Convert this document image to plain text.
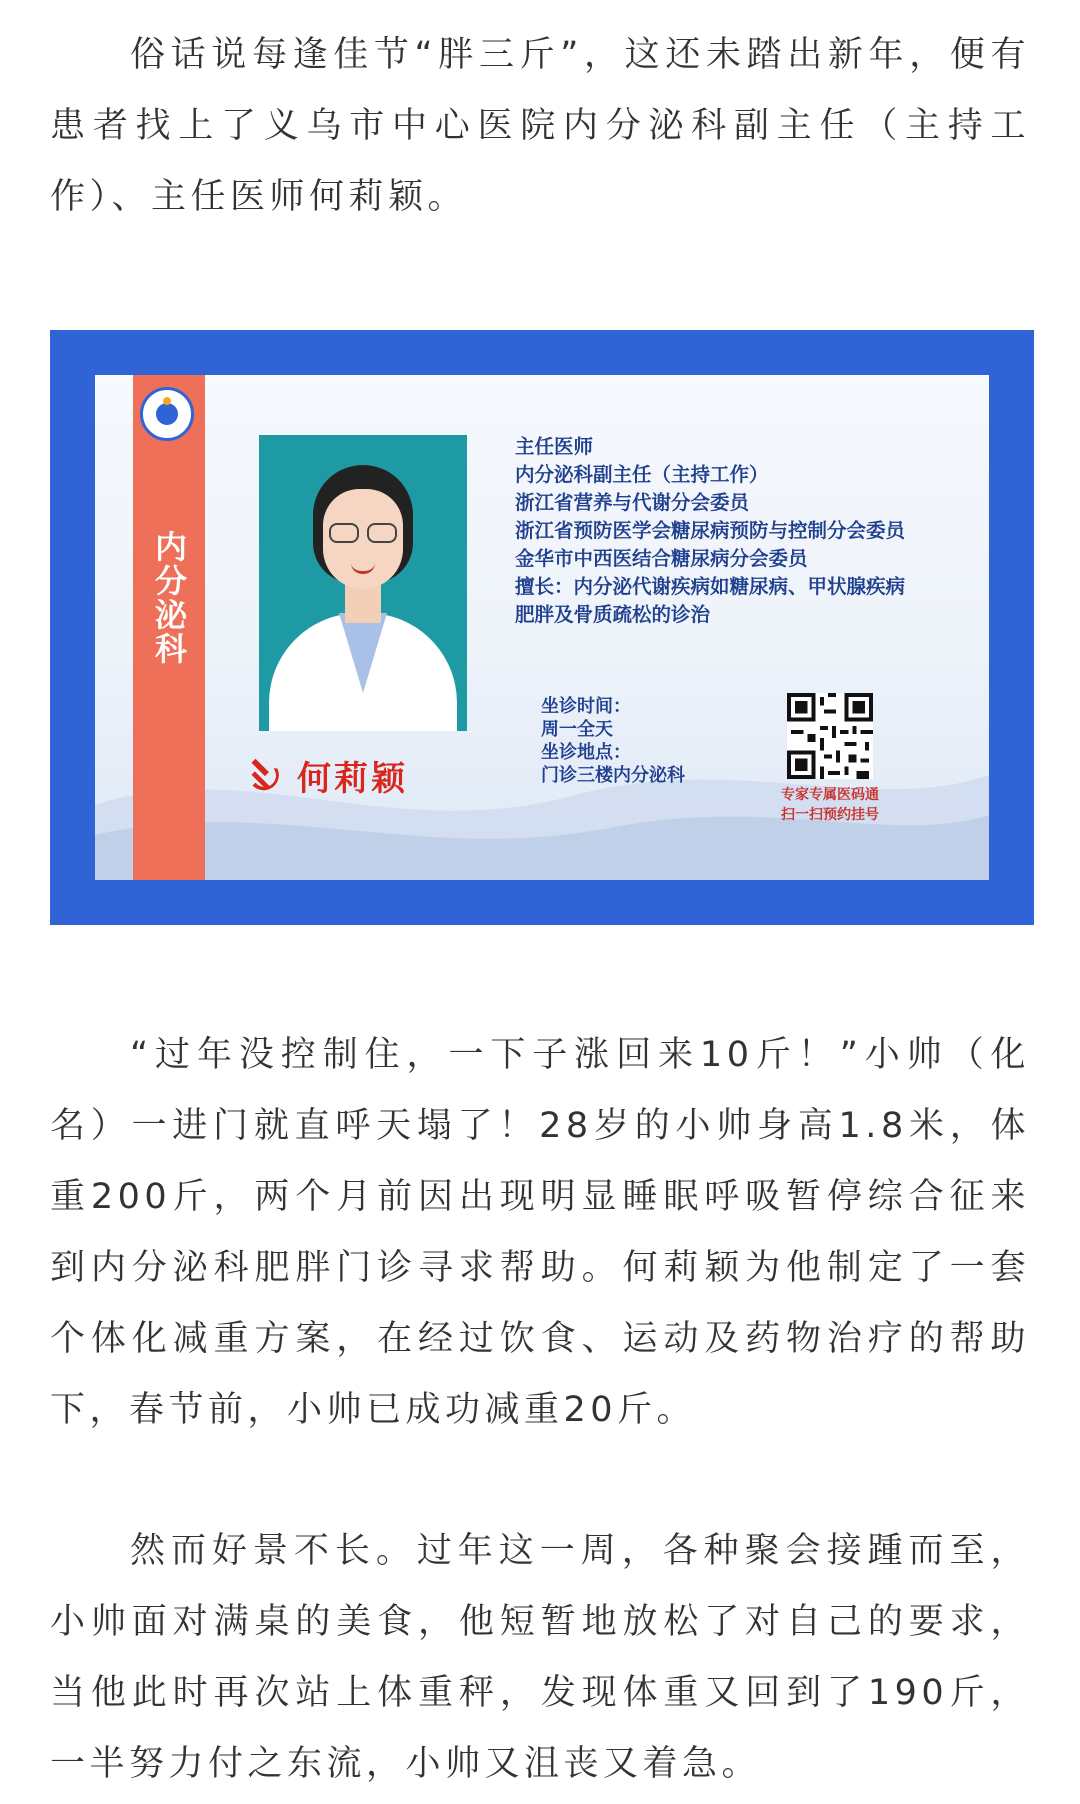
俗话说每逢佳节“胖三斤”，这还未踏出新年，便有患者找上了义乌市中心医院内分泌科副主任（主持工作）、主任医师何莉颖。

内分泌科
何莉颖
主任医师
内分泌科副主任（主持工作）
浙江省营养与代谢分会委员
浙江省预防医学会糖尿病预防与控制分会委员
金华市中西医结合糖尿病分会委员
擅长：内分泌代谢疾病如糖尿病、甲状腺疾病
肥胖及骨质疏松的诊治
坐诊时间：
周一全天
坐诊地点：
门诊三楼内分泌科
专家专属医码通
扫一扫预约挂号

“过年没控制住，一下子涨回来10斤！”小帅（化名）一进门就直呼天塌了！28岁的小帅身高1.8米，体重200斤，两个月前因出现明显睡眠呼吸暂停综合征来到内分泌科肥胖门诊寻求帮助。何莉颖为他制定了一套个体化减重方案，在经过饮食、运动及药物治疗的帮助下，春节前，小帅已成功减重20斤。

然而好景不长。过年这一周，各种聚会接踵而至，小帅面对满桌的美食，他短暂地放松了对自己的要求，当他此时再次站上体重秤，发现体重又回到了190斤，一半努力付之东流，小帅又沮丧又着急。
